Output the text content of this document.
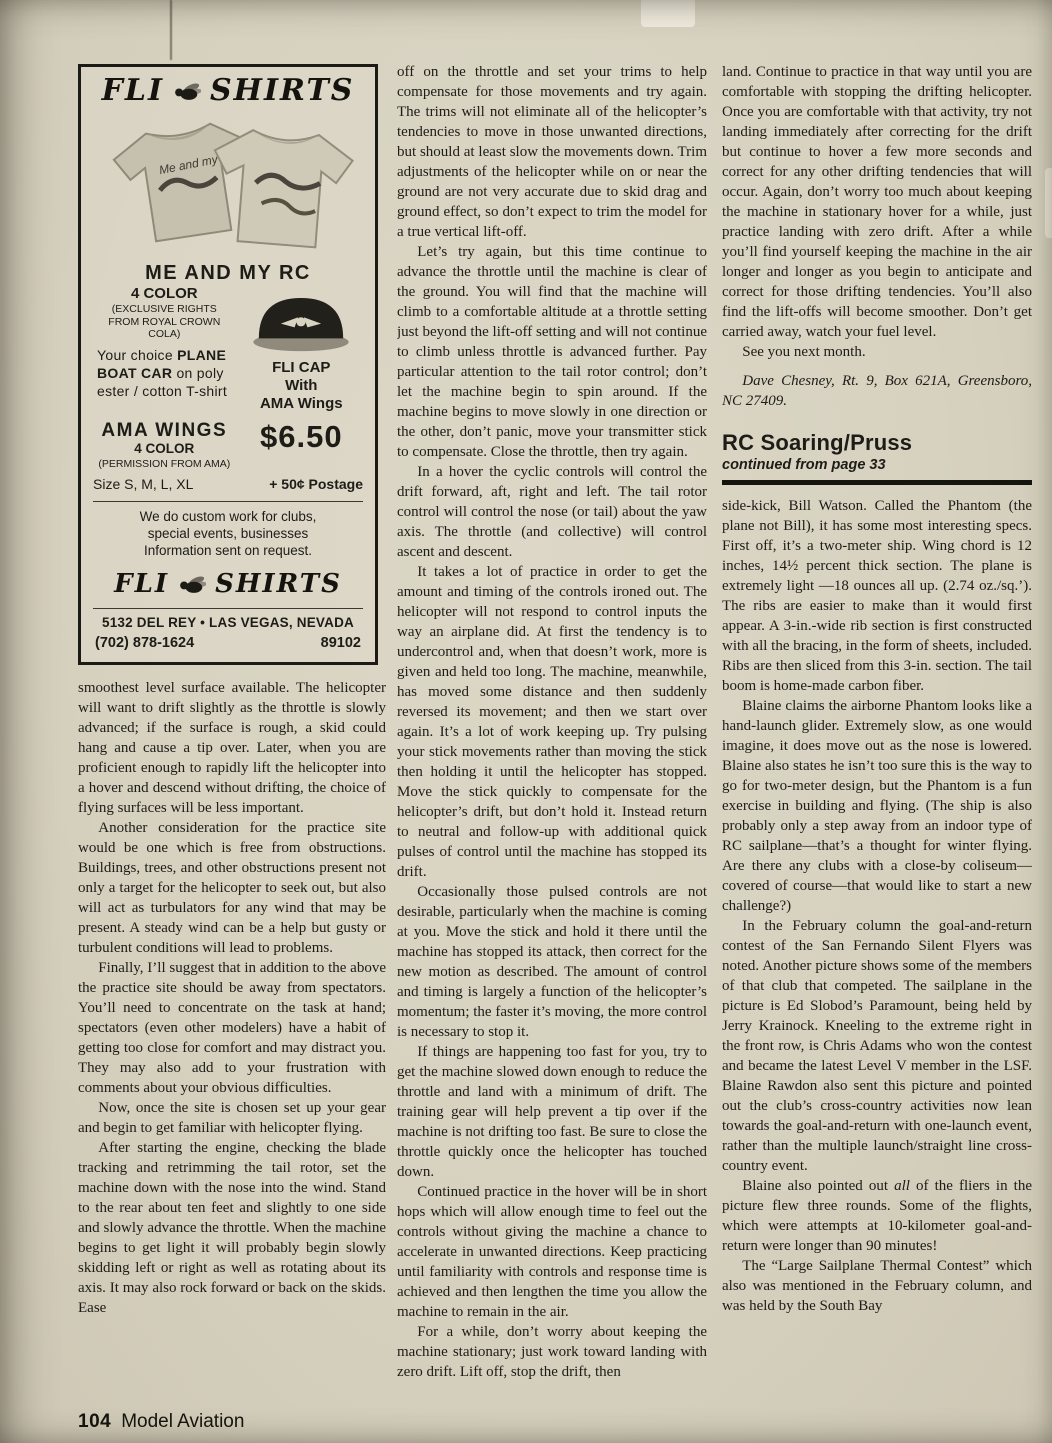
FLI SHIRTS
Me and my
ME AND MY RC
4 COLOR
(EXCLUSIVE RIGHTS
FROM ROYAL CROWN COLA)
Your choice PLANE
BOAT CAR on poly
ester / cotton T-shirt
FLI CAP
With
AMA Wings
AMA WINGS
4 COLOR
(PERMISSION FROM AMA)
$6.50
Size S, M, L, XL	+ 50¢ Postage
We do custom work for clubs,
special events, businesses
Information sent on request.
FLI SHIRTS
5132 DEL REY • LAS VEGAS, NEVADA
(702) 878-1624	89102

smoothest level surface available. The helicopter will want to drift slightly as the throttle is slowly advanced; if the surface is rough, a skid could hang and cause a tip over. Later, when you are proficient enough to rapidly lift the helicopter into a hover and descend without drifting, the choice of flying surfaces will be less important.

Another consideration for the practice site would be one which is free from obstructions. Buildings, trees, and other obstructions present not only a target for the helicopter to seek out, but also will act as turbulators for any wind that may be present. A steady wind can be a help but gusty or turbulent conditions will lead to problems.

Finally, I’ll suggest that in addition to the above the practice site should be away from spectators. You’ll need to concentrate on the task at hand; spectators (even other modelers) have a habit of getting too close for comfort and may distract you. They may also add to your frustration with comments about your obvious difficulties.

Now, once the site is chosen set up your gear and begin to get familiar with helicopter flying.

After starting the engine, checking the blade tracking and retrimming the tail rotor, set the machine down with the nose into the wind. Stand to the rear about ten feet and slightly to one side and slowly advance the throttle. When the machine begins to get light it will probably begin slowly skidding left or right as well as rotating about its axis. It may also rock forward or back on the skids. Ease

off on the throttle and set your trims to help compensate for those movements and try again. The trims will not eliminate all of the helicopter’s tendencies to move in those unwanted directions, but should at least slow the movements down. Trim adjustments of the helicopter while on or near the ground are not very accurate due to skid drag and ground effect, so don’t expect to trim the model for a true vertical lift-off.

Let’s try again, but this time continue to advance the throttle until the machine is clear of the ground. You will find that the machine will climb to a comfortable altitude at a throttle setting just beyond the lift-off setting and will not continue to climb unless throttle is advanced further. Pay particular attention to the tail rotor control; don’t let the machine begin to spin around. If the machine begins to move slowly in one direction or the other, don’t panic, move your transmitter stick to compensate. Close the throttle, then try again.

In a hover the cyclic controls will control the drift forward, aft, right and left. The tail rotor control will control the nose (or tail) about the yaw axis. The throttle (and collective) will control ascent and descent.

It takes a lot of practice in order to get the amount and timing of the controls ironed out. The helicopter will not respond to control inputs the way an airplane did. At first the tendency is to undercontrol and, when that doesn’t work, more is given and held too long. The machine, meanwhile, has moved some distance and then suddenly reversed its movement; and then we start over again. It’s a lot of work keeping up. Try pulsing your stick movements rather than moving the stick then holding it until the helicopter has stopped. Move the stick quickly to compensate for the helicopter’s drift, but don’t hold it. Instead return to neutral and follow-up with additional quick pulses of control until the machine has stopped its drift.

Occasionally those pulsed controls are not desirable, particularly when the machine is coming at you. Move the stick and hold it there until the machine has stopped its attack, then correct for the new motion as described. The amount of control and timing is largely a function of the helicopter’s momentum; the faster it’s moving, the more control is necessary to stop it.

If things are happening too fast for you, try to get the machine slowed down enough to reduce the throttle and land with a minimum of drift. The training gear will help prevent a tip over if the machine is not drifting too fast. Be sure to close the throttle quickly once the helicopter has touched down.

Continued practice in the hover will be in short hops which will allow enough time to feel out the controls without giving the machine a chance to accelerate in unwanted directions. Keep practicing until familiarity with controls and response time is achieved and then lengthen the time you allow the machine to remain in the air.

For a while, don’t worry about keeping the machine stationary; just work toward landing with zero drift. Lift off, stop the drift, then

land. Continue to practice in that way until you are comfortable with stopping the drifting helicopter. Once you are comfortable with that activity, try not landing immediately after correcting for the drift but continue to hover a few more seconds and correct for any other drifting tendencies that will occur. Again, don’t worry too much about keeping the machine in stationary hover for a while, just practice landing with zero drift. After a while you’ll find yourself keeping the machine in the air longer and longer as you begin to anticipate and correct for those drifting tendencies. You’ll also find the lift-offs will become smoother. Don’t get carried away, watch your fuel level.

See you next month.

Dave Chesney, Rt. 9, Box 621A, Greensboro, NC 27409.

RC Soaring/Pruss
continued from page 33

side-kick, Bill Watson. Called the Phantom (the plane not Bill), it has some most interesting specs. First off, it’s a two-meter ship. Wing chord is 12 inches, 14½ percent thick section. The plane is extremely light —18 ounces all up. (2.74 oz./sq.’). The ribs are easier to make than it would first appear. A 3-in.-wide rib section is first constructed with all the bracing, in the form of sheets, included. Ribs are then sliced from this 3-in. section. The tail boom is home-made carbon fiber.

Blaine claims the airborne Phantom looks like a hand-launch glider. Extremely slow, as one would imagine, it does move out as the nose is lowered. Blaine also states he isn’t too sure this is the way to go for two-meter design, but the Phantom is a fun exercise in building and flying. (The ship is also probably only a step away from an indoor type of RC sailplane—that’s a thought for winter flying. Are there any clubs with a close-by coliseum—covered of course—that would like to start a new challenge?)

In the February column the goal-and-return contest of the San Fernando Silent Flyers was noted. Another picture shows some of the members of that club that competed. The sailplane in the picture is Ed Slobod’s Paramount, being held by Jerry Krainock. Kneeling to the extreme right in the front row, is Chris Adams who won the contest and became the latest Level V member in the LSF. Blaine Rawdon also sent this picture and pointed out the club’s cross-country activities now lean towards the goal-and-return with one-launch event, rather than the multiple launch/straight line cross-country event.

Blaine also pointed out all of the fliers in the picture flew three rounds. Some of the flights, which were attempts at 10-kilometer goal-and-return were longer than 90 minutes!

The “Large Sailplane Thermal Contest” which also was mentioned in the February column, and was held by the South Bay

104 Model Aviation
